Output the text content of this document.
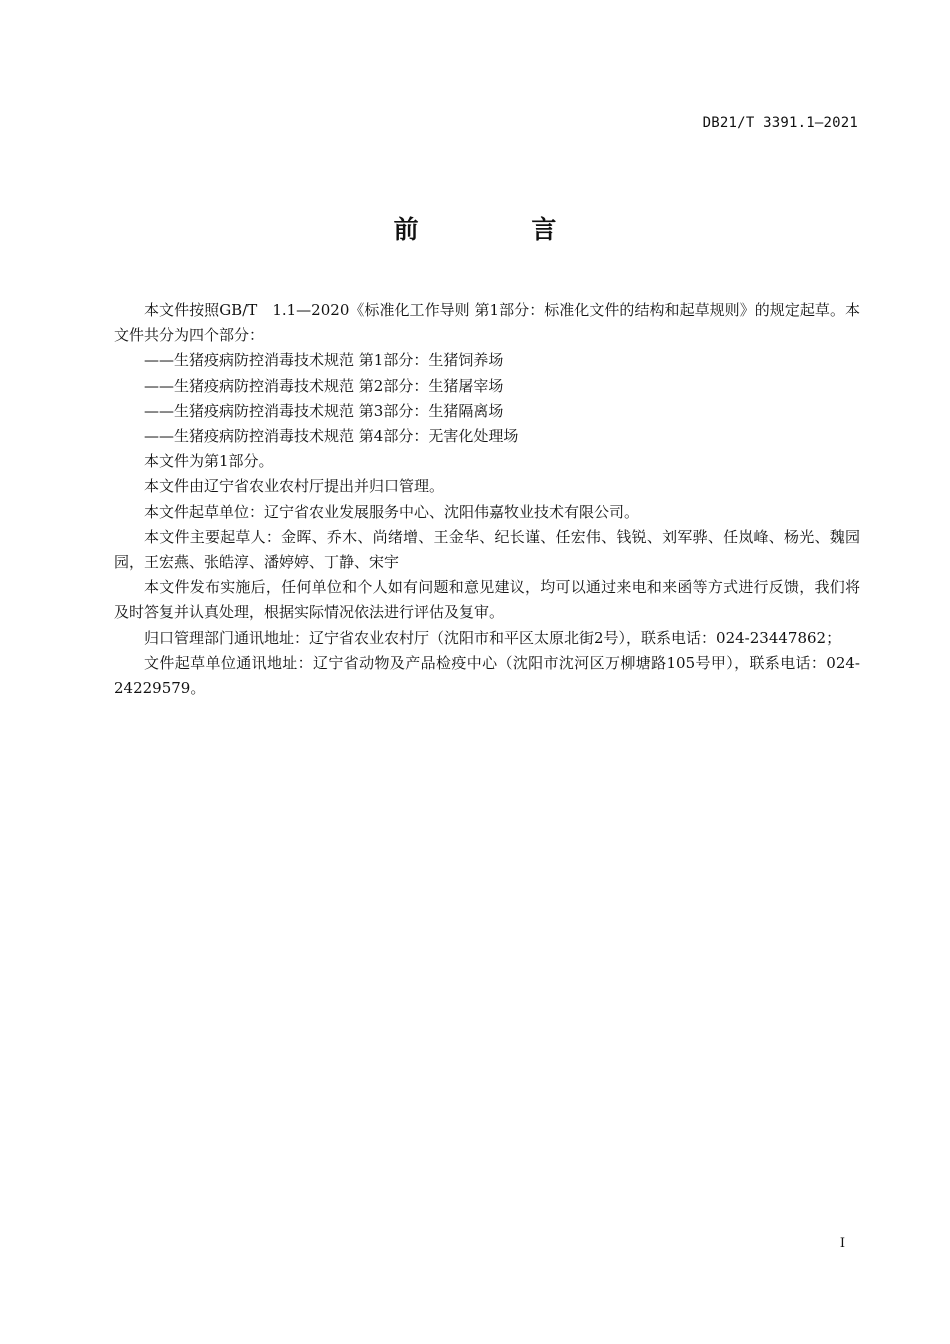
DB21/T 3391.1—2021
前 言

本文件按照GB/T　1.1—2020《标准化工作导则 第1部分：标准化文件的结构和起草规则》的规定起草。本文件共分为四个部分：

——生猪疫病防控消毒技术规范 第1部分：生猪饲养场

——生猪疫病防控消毒技术规范 第2部分：生猪屠宰场

——生猪疫病防控消毒技术规范 第3部分：生猪隔离场

——生猪疫病防控消毒技术规范 第4部分：无害化处理场

本文件为第1部分。

本文件由辽宁省农业农村厅提出并归口管理。

本文件起草单位：辽宁省农业发展服务中心、沈阳伟嘉牧业技术有限公司。

本文件主要起草人：金晖、乔木、尚绪增、王金华、纪长谨、任宏伟、钱锐、刘军骅、任岚峰、杨光、魏园园，王宏燕、张皓淳、潘婷婷、丁静、宋宇

本文件发布实施后，任何单位和个人如有问题和意见建议，均可以通过来电和来函等方式进行反馈，我们将及时答复并认真处理，根据实际情况依法进行评估及复审。

归口管理部门通讯地址：辽宁省农业农村厅（沈阳市和平区太原北街2号），联系电话：024-23447862；

文件起草单位通讯地址：辽宁省动物及产品检疫中心（沈阳市沈河区万柳塘路105号甲），联系电话：024-24229579。

I
